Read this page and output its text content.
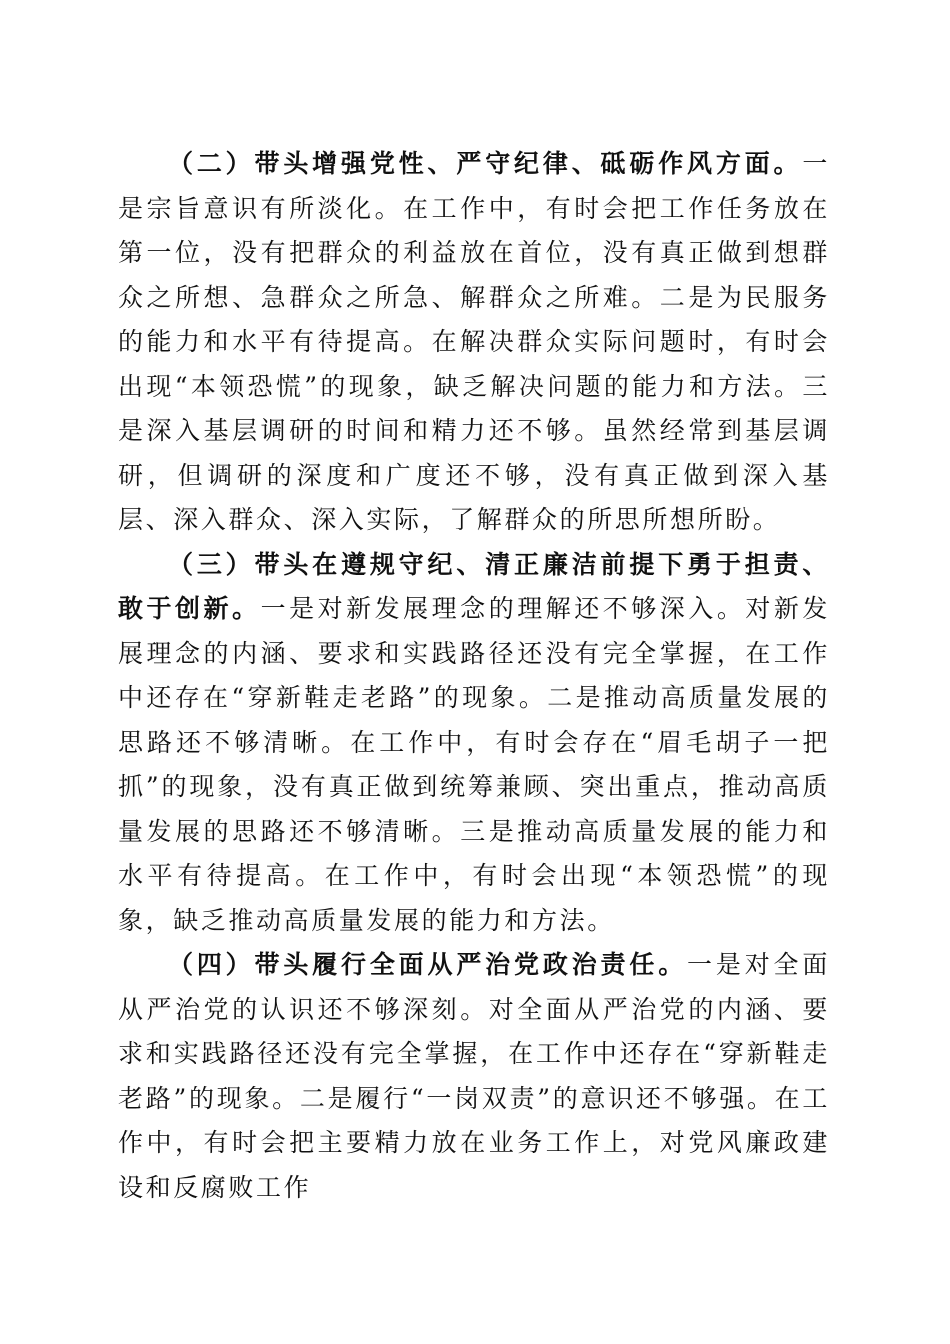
（二）带头增强党性、严守纪律、砥砺作风方面。一是宗旨意识有所淡化。在工作中，有时会把工作任务放在第一位，没有把群众的利益放在首位，没有真正做到想群众之所想、急群众之所急、解群众之所难。二是为民服务的能力和水平有待提高。在解决群众实际问题时，有时会出现“本领恐慌”的现象，缺乏解决问题的能力和方法。三是深入基层调研的时间和精力还不够。虽然经常到基层调研，但调研的深度和广度还不够，没有真正做到深入基层、深入群众、深入实际，了解群众的所思所想所盼。

（三）带头在遵规守纪、清正廉洁前提下勇于担责、敢于创新。一是对新发展理念的理解还不够深入。对新发展理念的内涵、要求和实践路径还没有完全掌握，在工作中还存在“穿新鞋走老路”的现象。二是推动高质量发展的思路还不够清晰。在工作中，有时会存在“眉毛胡子一把抓”的现象，没有真正做到统筹兼顾、突出重点，推动高质量发展的思路还不够清晰。三是推动高质量发展的能力和水平有待提高。在工作中，有时会出现“本领恐慌”的现象，缺乏推动高质量发展的能力和方法。

（四）带头履行全面从严治党政治责任。一是对全面从严治党的认识还不够深刻。对全面从严治党的内涵、要求和实践路径还没有完全掌握，在工作中还存在“穿新鞋走老路”的现象。二是履行“一岗双责”的意识还不够强。在工作中，有时会把主要精力放在业务工作上，对党风廉政建设和反腐败工作
